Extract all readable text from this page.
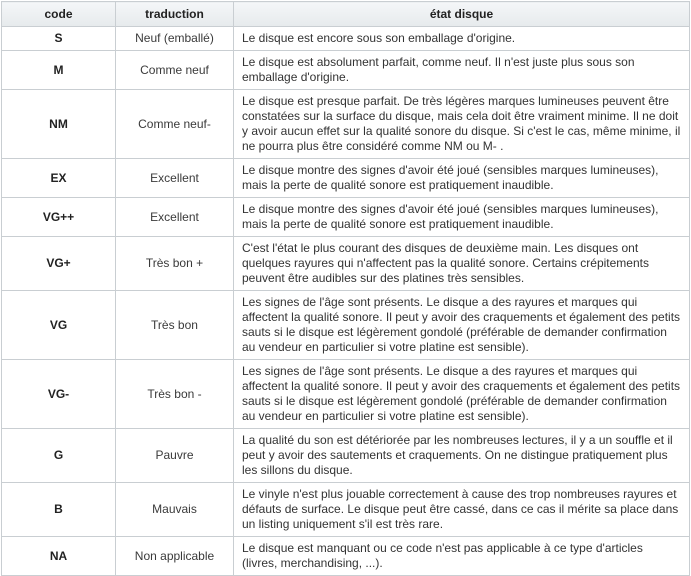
code	traduction	état disque
S	Neuf (emballé)	Le disque est encore sous son emballage d'origine.
M	Comme neuf	Le disque est absolument parfait, comme neuf. Il n'est juste plus sous son emballage d'origine.
NM	Comme neuf-	Le disque est presque parfait. De très légères marques lumineuses peuvent être constatées sur la surface du disque, mais cela doit être vraiment minime. Il ne doit y avoir aucun effet sur la qualité sonore du disque. Si c'est le cas, même minime, il ne pourra plus être considéré comme NM ou M- .
EX	Excellent	Le disque montre des signes d'avoir été joué (sensibles marques lumineuses), mais la perte de qualité sonore est pratiquement inaudible.
VG++	Excellent	Le disque montre des signes d'avoir été joué (sensibles marques lumineuses), mais la perte de qualité sonore est pratiquement inaudible.
VG+	Très bon +	C'est l'état le plus courant des disques de deuxième main. Les disques ont quelques rayures qui n'affectent pas la qualité sonore. Certains crépitements peuvent être audibles sur des platines très sensibles.
VG	Très bon	Les signes de l'âge sont présents. Le disque a des rayures et marques qui affectent la qualité sonore. Il peut y avoir des craquements et également des petits sauts si le disque est légèrement gondolé (préférable de demander confirmation au vendeur en particulier si votre platine est sensible).
VG-	Très bon -	Les signes de l'âge sont présents. Le disque a des rayures et marques qui affectent la qualité sonore. Il peut y avoir des craquements et également des petits sauts si le disque est légèrement gondolé (préférable de demander confirmation au vendeur en particulier si votre platine est sensible).
G	Pauvre	La qualité du son est détériorée par les nombreuses lectures, il y a un souffle et il peut y avoir des sautements et craquements. On ne distingue pratiquement plus les sillons du disque.
B	Mauvais	Le vinyle n'est plus jouable correctement à cause des trop nombreuses rayures et défauts de surface. Le disque peut être cassé, dans ce cas il mérite sa place dans un listing uniquement s'il est très rare.
NA	Non applicable	Le disque est manquant ou ce code n'est pas applicable à ce type d'articles (livres, merchandising, ...).
